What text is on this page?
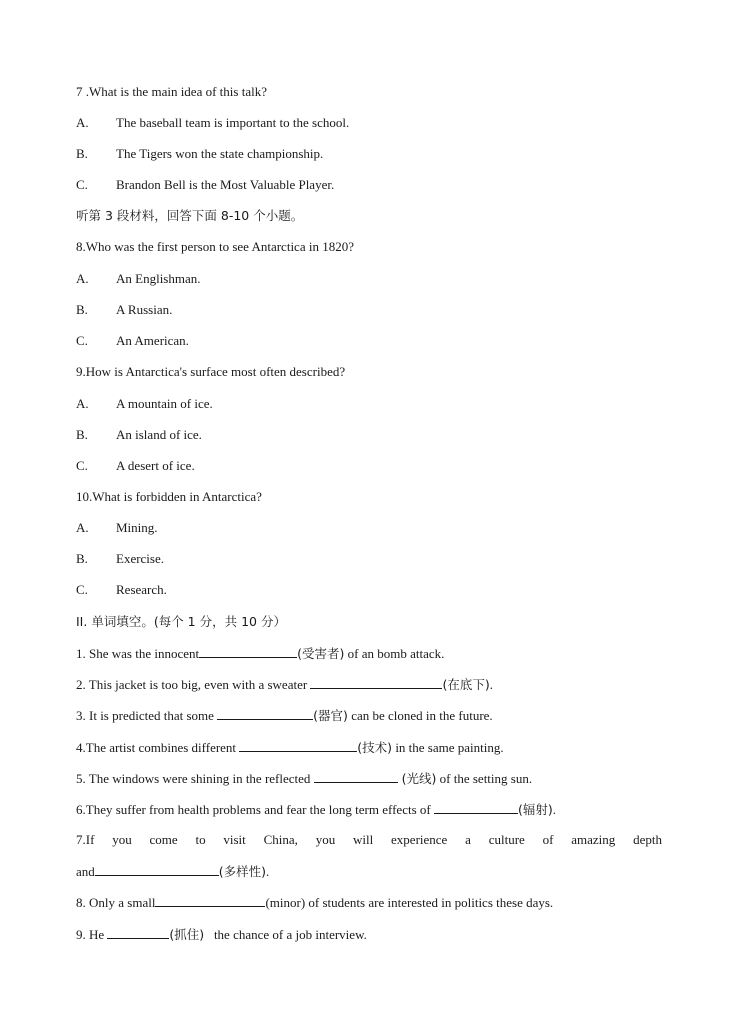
7 .What is the main idea of this talk?
A. The baseball team is important to the school.
B. The Tigers won the state championship.
C. Brandon Bell is the Most Valuable Player.
听第 3 段材料，回答下面 8-10 个小题。
8.Who was the first person to see Antarctica in 1820?
A. An Englishman.
B. A Russian.
C. An American.
9.How is Antarctica's surface most often described?
A. A mountain of ice.
B. An island of ice.
C. A desert of ice.
10.What is forbidden in Antarctica?
A. Mining.
B. Exercise.
C. Research.
II. 单词填空。(每个 1 分，共 10 分）
1. She was the innocent	(受害者) of an bomb attack.
2. This jacket is too big, even with a sweater	(在底下).
3. It is predicted that some	(器官) can be cloned in the future.
4.The artist combines different	(技术) in the same painting.
5. The windows were shining in the reflected	(光线) of the setting sun.
6.They suffer from health problems and fear the long term effects of	(辐射).
7.If you come to visit China, you will experience a culture of amazing depth
and	(多样性).
8. Only a small	(minor) of students are interested in politics these days.
9. He	(抓住)   the chance of a job interview.
